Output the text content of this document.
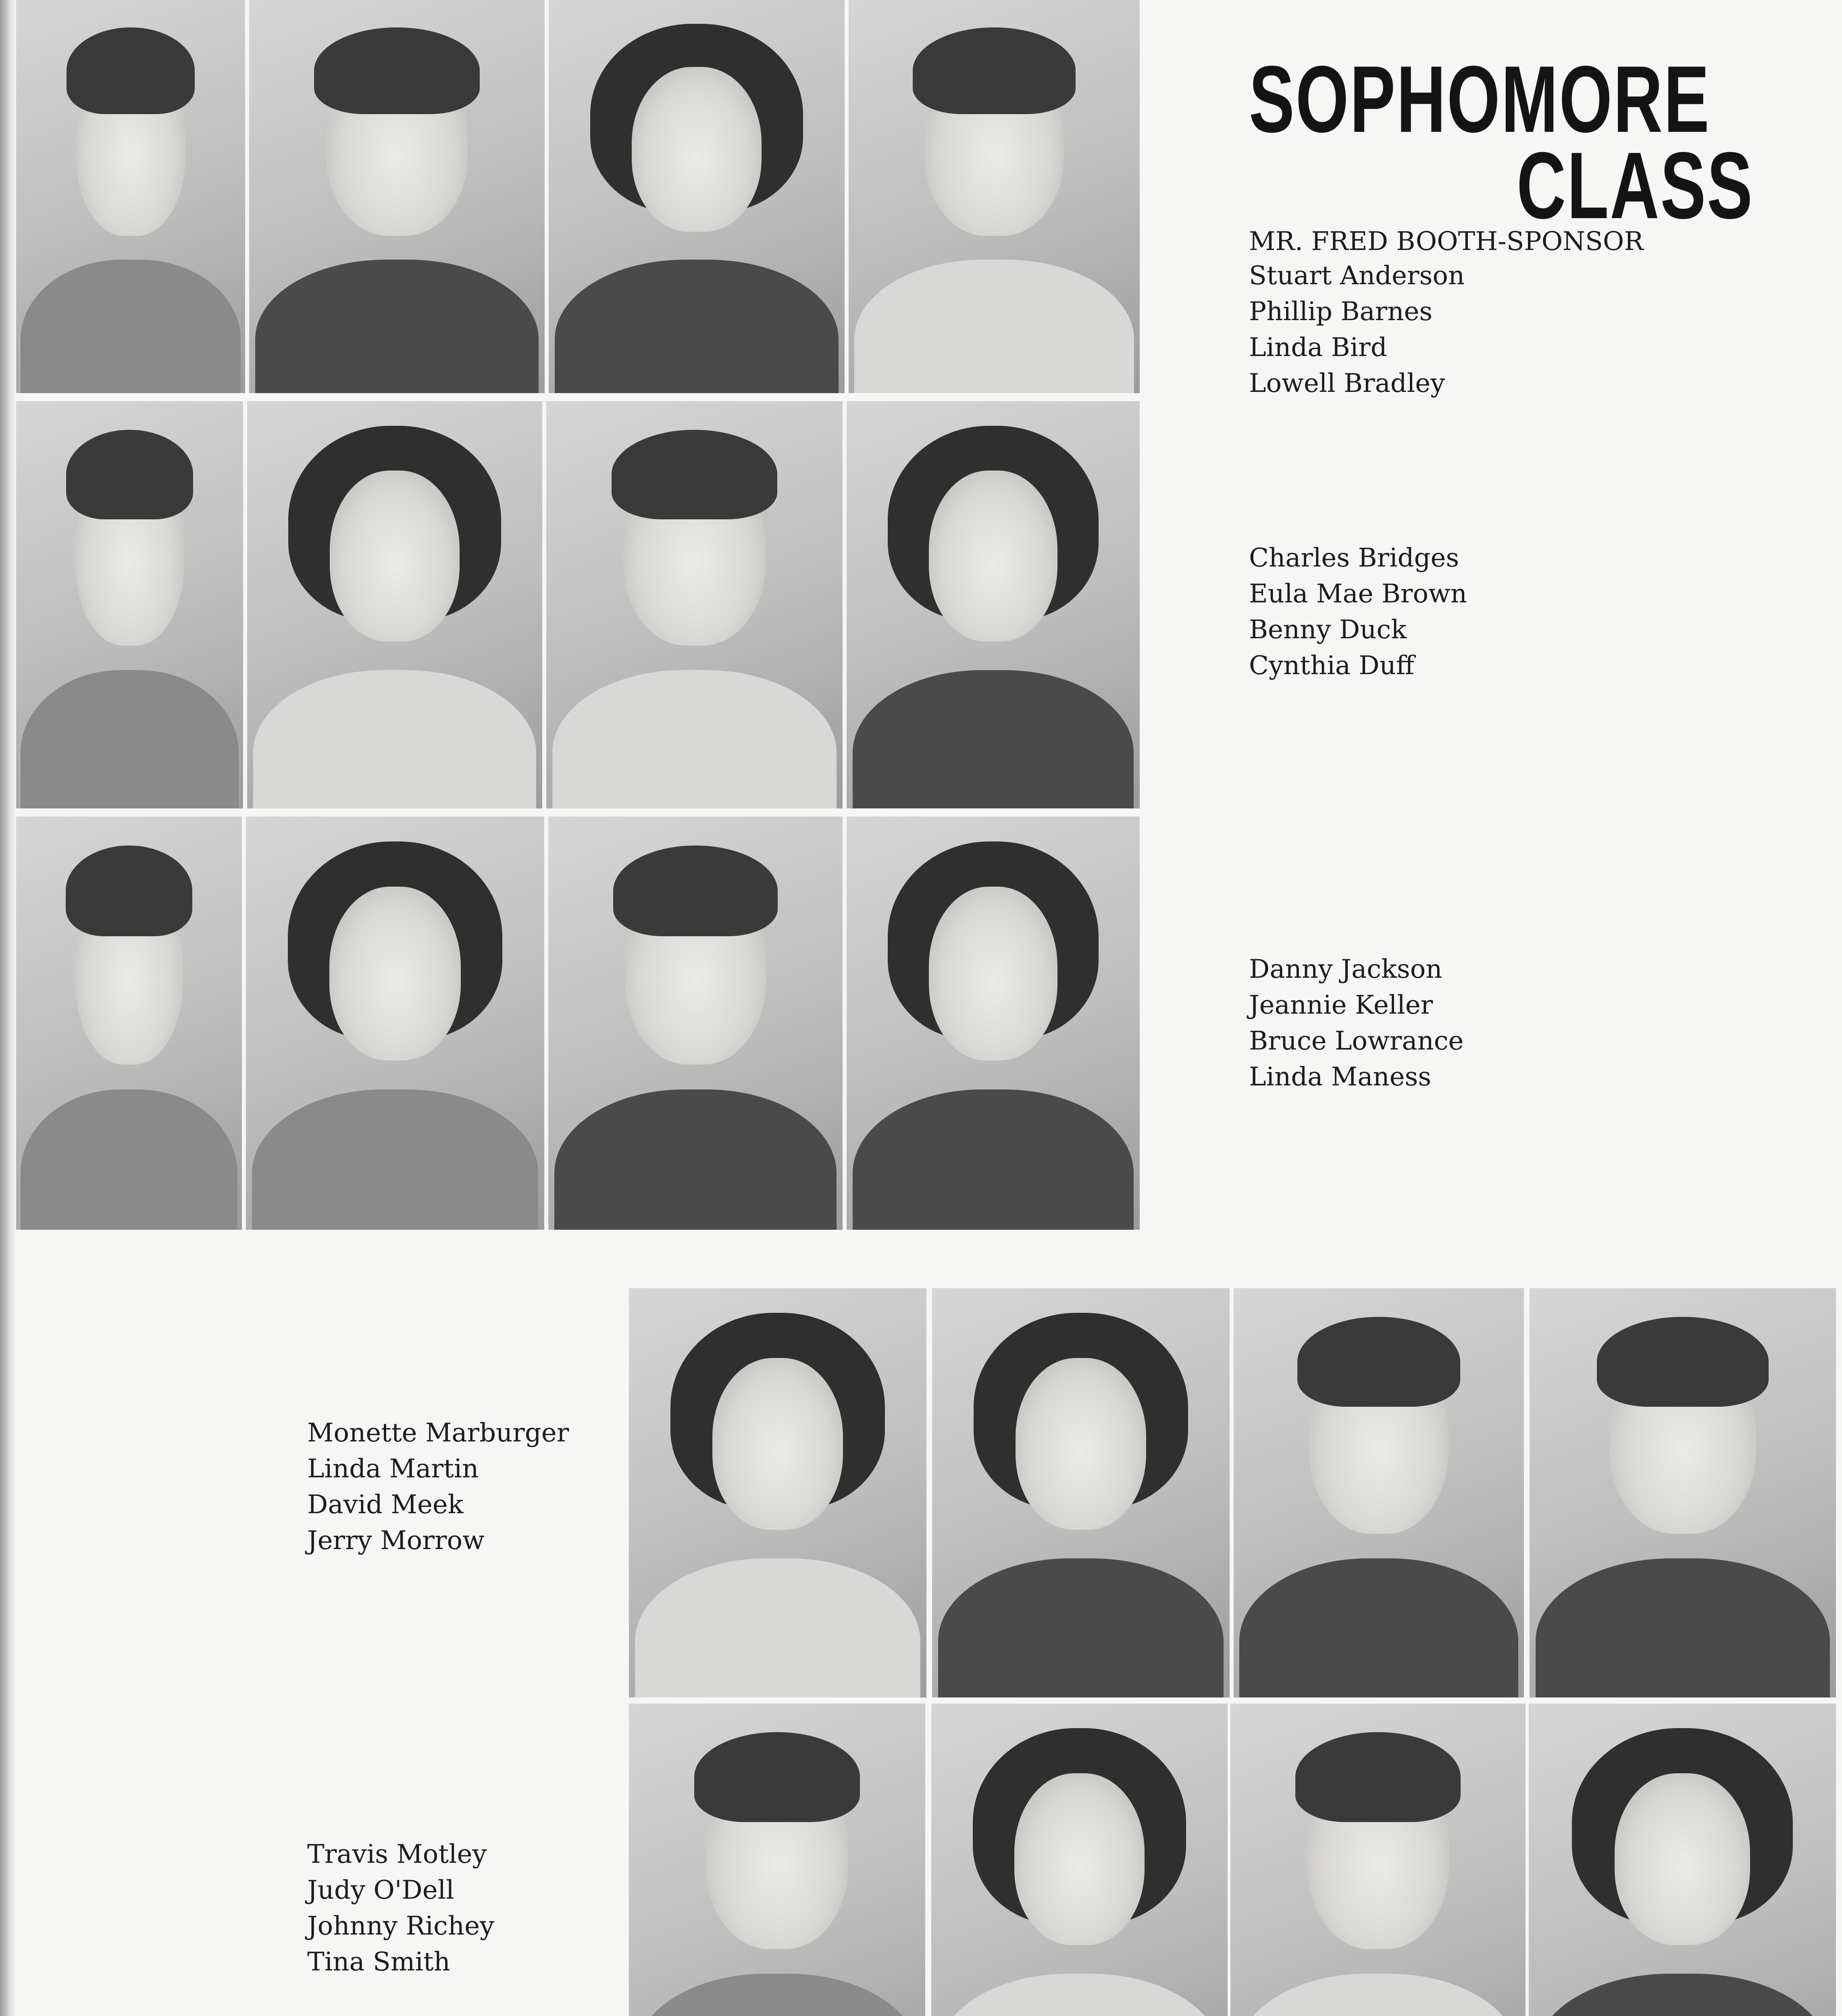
SOPHOMORE
CLASS

MR. FRED BOOTH-SPONSOR

Stuart Anderson
Phillip Barnes
Linda Bird
Lowell Bradley
Charles Bridges
Eula Mae Brown
Benny Duck
Cynthia Duff
Danny Jackson
Jeannie Keller
Bruce Lowrance
Linda Maness
Monette Marburger
Linda Martin
David Meek
Jerry Morrow
Travis Motley
Judy O'Dell
Johnny Richey
Tina Smith
